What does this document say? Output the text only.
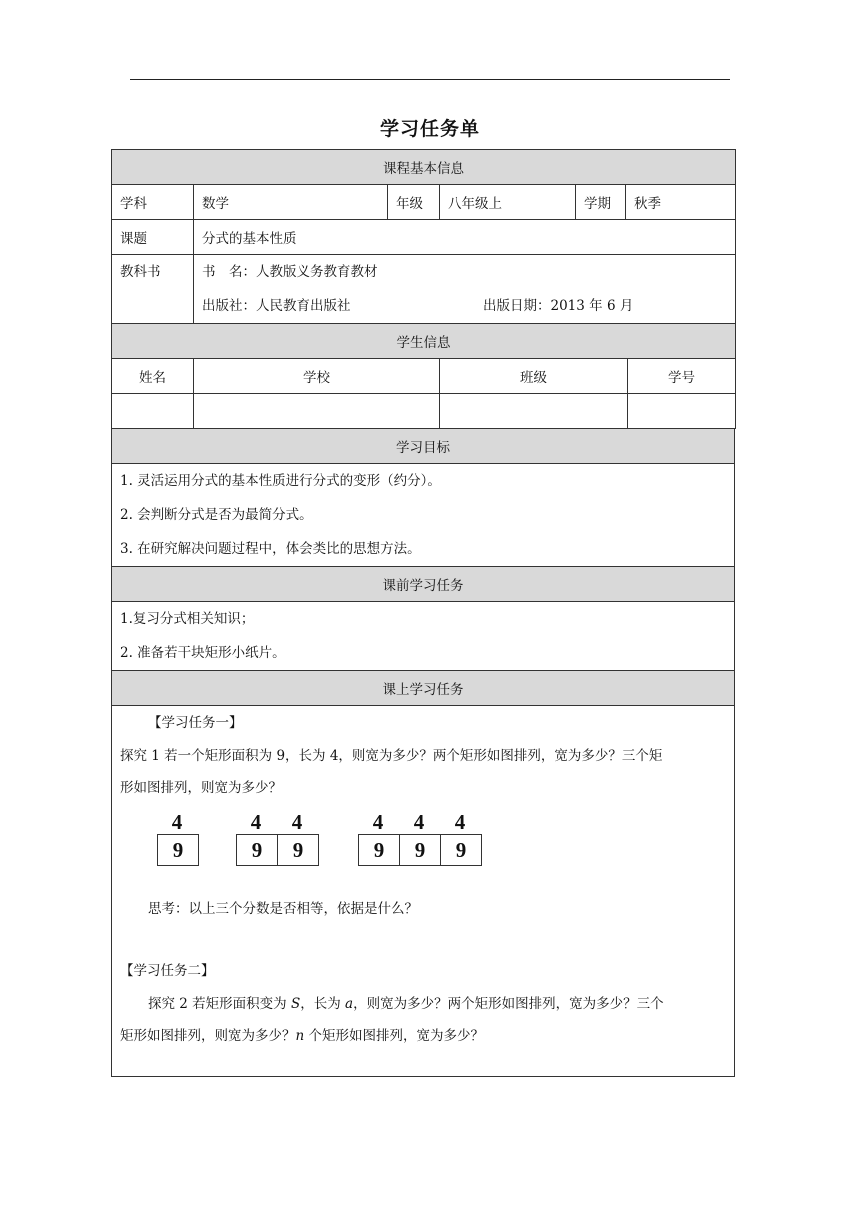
学习任务单
课程基本信息					
学科	数学	年级	八年级上	学期	秋季
课题	分式的基本性质				

教科书	书　名：人教版义务教育教材
出版社：人民教育出版社 出版日期：2013 年 6 月				
学生信息			
姓名	学校	班级	学号

学习目标

1. 灵活运用分式的基本性质进行分式的变形（约分）。
2. 会判断分式是否为最简分式。
3. 在研究解决问题过程中，体会类比的思想方法。

课前学习任务

1.复习分式相关知识；
2. 准备若干块矩形小纸片。

课上学习任务

【学习任务一】
探究 1 若一个矩形面积为 9，长为 4，则宽为多少？两个矩形如图排列，宽为多少？三个矩
形如图排列，则宽为多少？
4
9
4	4
9	9
4	4	4
9	9	9
思考：以上三个分数是否相等，依据是什么？
【学习任务二】
探究 2 若矩形面积变为 S，长为 a，则宽为多少？两个矩形如图排列，宽为多少？三个
矩形如图排列，则宽为多少？n 个矩形如图排列，宽为多少？
